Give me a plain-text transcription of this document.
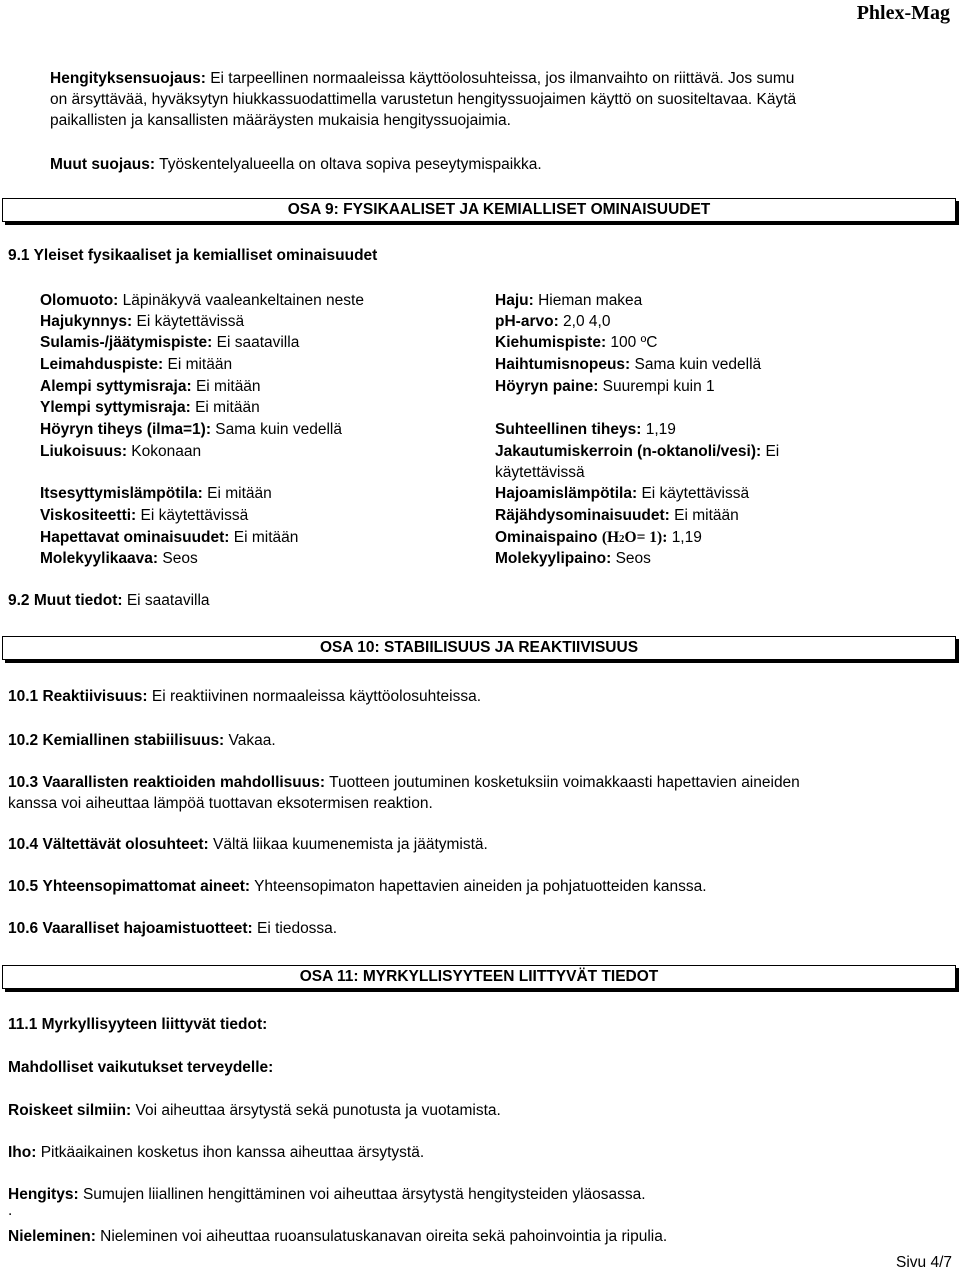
Phlex-Mag
Hengityksensuojaus: Ei tarpeellinen normaaleissa käyttöolosuhteissa, jos ilmanvaihto on riittävä. Jos sumu
on ärsyttävää, hyväksytyn hiukkassuodattimella varustetun hengityssuojaimen käyttö on suositeltavaa. Käytä
paikallisten ja kansallisten määräysten mukaisia hengityssuojaimia.
Muut suojaus: Työskentelyalueella on oltava sopiva peseytymispaikka.
OSA 9: FYSIKAALISET JA KEMIALLISET OMINAISUUDET
9.1 Yleiset fysikaaliset ja kemialliset ominaisuudet
Olomuoto: Läpinäkyvä vaaleankeltainen neste
Hajukynnys: Ei käytettävissä
Sulamis-/jäätymispiste: Ei saatavilla
Leimahduspiste: Ei mitään
Alempi syttymisraja: Ei mitään
Ylempi syttymisraja: Ei mitään
Höyryn tiheys (ilma=1): Sama kuin vedellä
Liukoisuus: Kokonaan
Itsesyttymislämpötila: Ei mitään
Viskositeetti: Ei käytettävissä
Hapettavat ominaisuudet: Ei mitään
Molekyylikaava: Seos
Haju: Hieman makea
pH-arvo: 2,0 4,0
Kiehumispiste: 100 ºC
Haihtumisnopeus: Sama kuin vedellä
Höyryn paine: Suurempi kuin 1
Suhteellinen tiheys: 1,19
Jakautumiskerroin (n-oktanoli/vesi): Ei
käytettävissä
Hajoamislämpötila: Ei käytettävissä
Räjähdysominaisuudet: Ei mitään
Ominaispaino (H2O= 1): 1,19
Molekyylipaino: Seos
9.2 Muut tiedot: Ei saatavilla
OSA 10: STABIILISUUS JA REAKTIIVISUUS
10.1 Reaktiivisuus: Ei reaktiivinen normaaleissa käyttöolosuhteissa.
10.2 Kemiallinen stabiilisuus: Vakaa.
10.3 Vaarallisten reaktioiden mahdollisuus: Tuotteen joutuminen kosketuksiin voimakkaasti hapettavien aineiden
kanssa voi aiheuttaa lämpöä tuottavan eksotermisen reaktion.
10.4 Vältettävät olosuhteet: Vältä liikaa kuumenemista ja jäätymistä.
10.5 Yhteensopimattomat aineet: Yhteensopimaton hapettavien aineiden ja pohjatuotteiden kanssa.
10.6 Vaaralliset hajoamistuotteet: Ei tiedossa.
OSA 11: MYRKYLLISYYTEEN LIITTYVÄT TIEDOT
11.1 Myrkyllisyyteen liittyvät tiedot:
Mahdolliset vaikutukset terveydelle:
Roiskeet silmiin: Voi aiheuttaa ärsytystä sekä punotusta ja vuotamista.
Iho: Pitkäaikainen kosketus ihon kanssa aiheuttaa ärsytystä.
Hengitys: Sumujen liiallinen hengittäminen voi aiheuttaa ärsytystä hengitysteiden yläosassa.
.
Nieleminen: Nieleminen voi aiheuttaa ruoansulatuskanavan oireita sekä pahoinvointia ja ripulia.
Sivu 4/7
